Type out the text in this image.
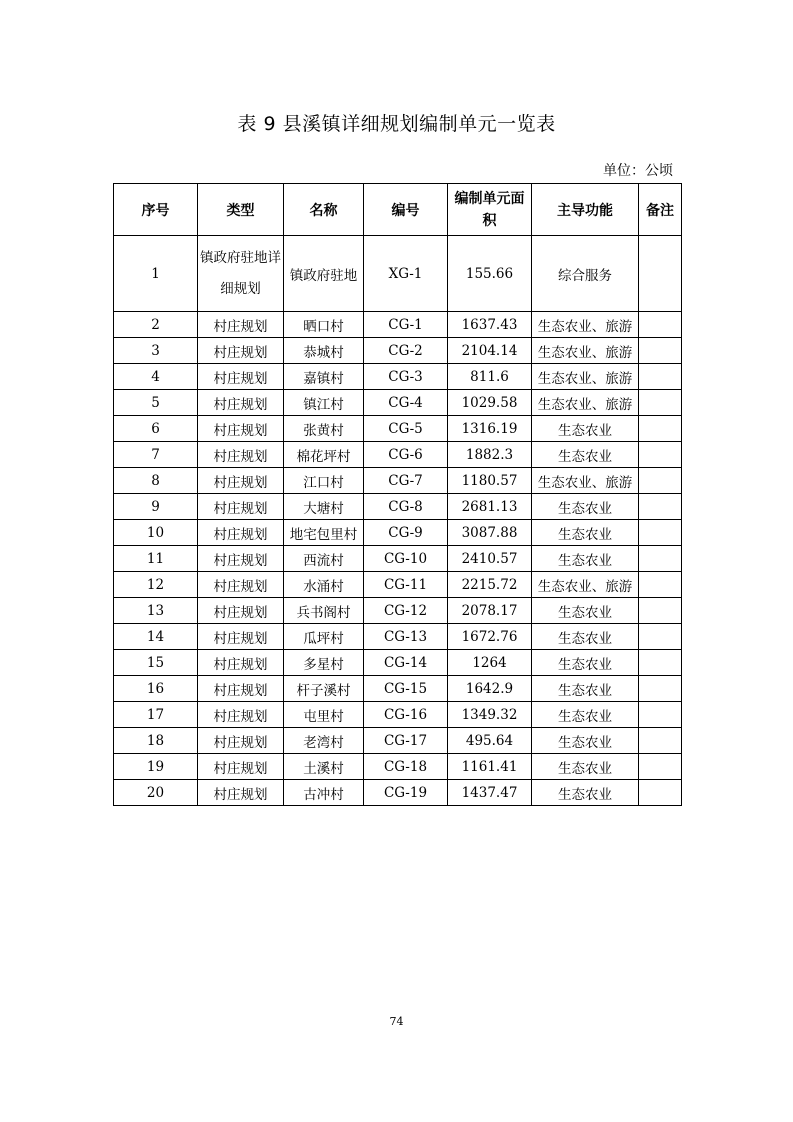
表 9 县溪镇详细规划编制单元一览表
单位：公顷
序号	类型	名称	编号	编制单元面积	主导功能	备注
1	镇政府驻地详细规划	镇政府驻地	XG-1	155.66	综合服务	
2	村庄规划	晒口村	CG-1	1637.43	生态农业、旅游	
3	村庄规划	恭城村	CG-2	2104.14	生态农业、旅游	
4	村庄规划	嘉镇村	CG-3	811.6	生态农业、旅游	
5	村庄规划	镇江村	CG-4	1029.58	生态农业、旅游	
6	村庄规划	张黄村	CG-5	1316.19	生态农业	
7	村庄规划	棉花坪村	CG-6	1882.3	生态农业	
8	村庄规划	江口村	CG-7	1180.57	生态农业、旅游	
9	村庄规划	大塘村	CG-8	2681.13	生态农业	
10	村庄规划	地宅包里村	CG-9	3087.88	生态农业	
11	村庄规划	西流村	CG-10	2410.57	生态农业	
12	村庄规划	水涌村	CG-11	2215.72	生态农业、旅游	
13	村庄规划	兵书阁村	CG-12	2078.17	生态农业	
14	村庄规划	瓜坪村	CG-13	1672.76	生态农业	
15	村庄规划	多星村	CG-14	1264	生态农业	
16	村庄规划	杆子溪村	CG-15	1642.9	生态农业	
17	村庄规划	屯里村	CG-16	1349.32	生态农业	
18	村庄规划	老湾村	CG-17	495.64	生态农业	
19	村庄规划	土溪村	CG-18	1161.41	生态农业	
20	村庄规划	古冲村	CG-19	1437.47	生态农业	
74
